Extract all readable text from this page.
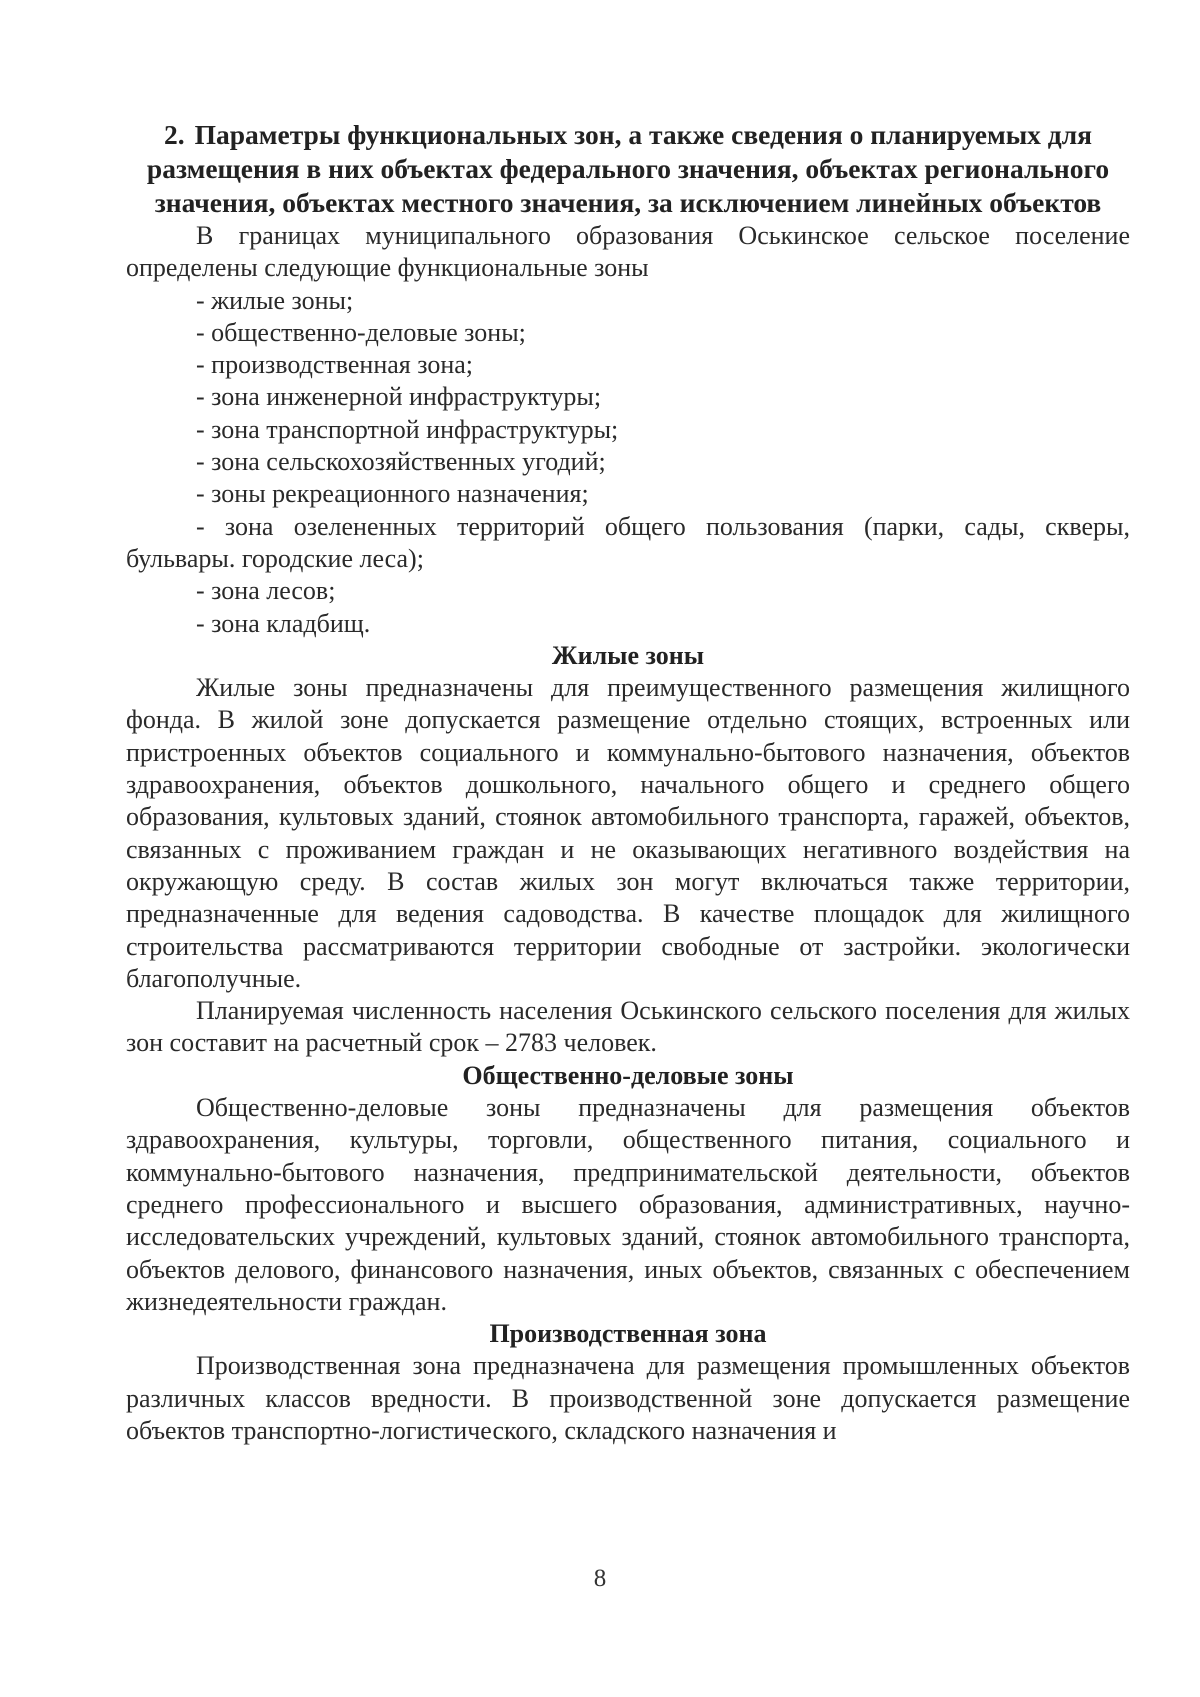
2. Параметры функциональных зон, а также сведения о планируемых для размещения в них объектах федерального значения, объектах регионального значения, объектах местного значения, за исключением линейных объектов

В границах муниципального образования Оськинское сельское поселение определены следующие функциональные зоны

- жилые зоны;
- общественно-деловые зоны;
- производственная зона;
- зона инженерной инфраструктуры;
- зона транспортной инфраструктуры;
- зона сельскохозяйственных угодий;
- зоны рекреационного назначения;
- зона озелененных территорий общего пользования (парки, сады, скверы, бульвары. городские леса);
- зона лесов;
- зона кладбищ.
Жилые зоны

Жилые зоны предназначены для преимущественного размещения жилищного фонда. В жилой зоне допускается размещение отдельно стоящих, встроенных или пристроенных объектов социального и коммунально-бытового назначения, объектов здравоохранения, объектов дошкольного, начального общего и среднего общего образования, культовых зданий, стоянок автомобильного транспорта, гаражей, объектов, связанных с проживанием граждан и не оказывающих негативного воздействия на окружающую среду. В состав жилых зон могут включаться также территории, предназначенные для ведения садоводства. В качестве площадок для жилищного строительства рассматриваются территории свободные от застройки. экологически благополучные.

Планируемая численность населения Оськинского сельского поселения для жилых зон составит на расчетный срок – 2783 человек.

Общественно-деловые зоны

Общественно-деловые зоны предназначены для размещения объектов здравоохранения, культуры, торговли, общественного питания, социального и коммунально-бытового назначения, предпринимательской деятельности, объектов среднего профессионального и высшего образования, административных, научно-исследовательских учреждений, культовых зданий, стоянок автомобильного транспорта, объектов делового, финансового назначения, иных объектов, связанных с обеспечением жизнедеятельности граждан.

Производственная зона

Производственная зона предназначена для размещения промышленных объектов различных классов вредности. В производственной зоне допускается размещение объектов транспортно-логистического, складского назначения и

8
